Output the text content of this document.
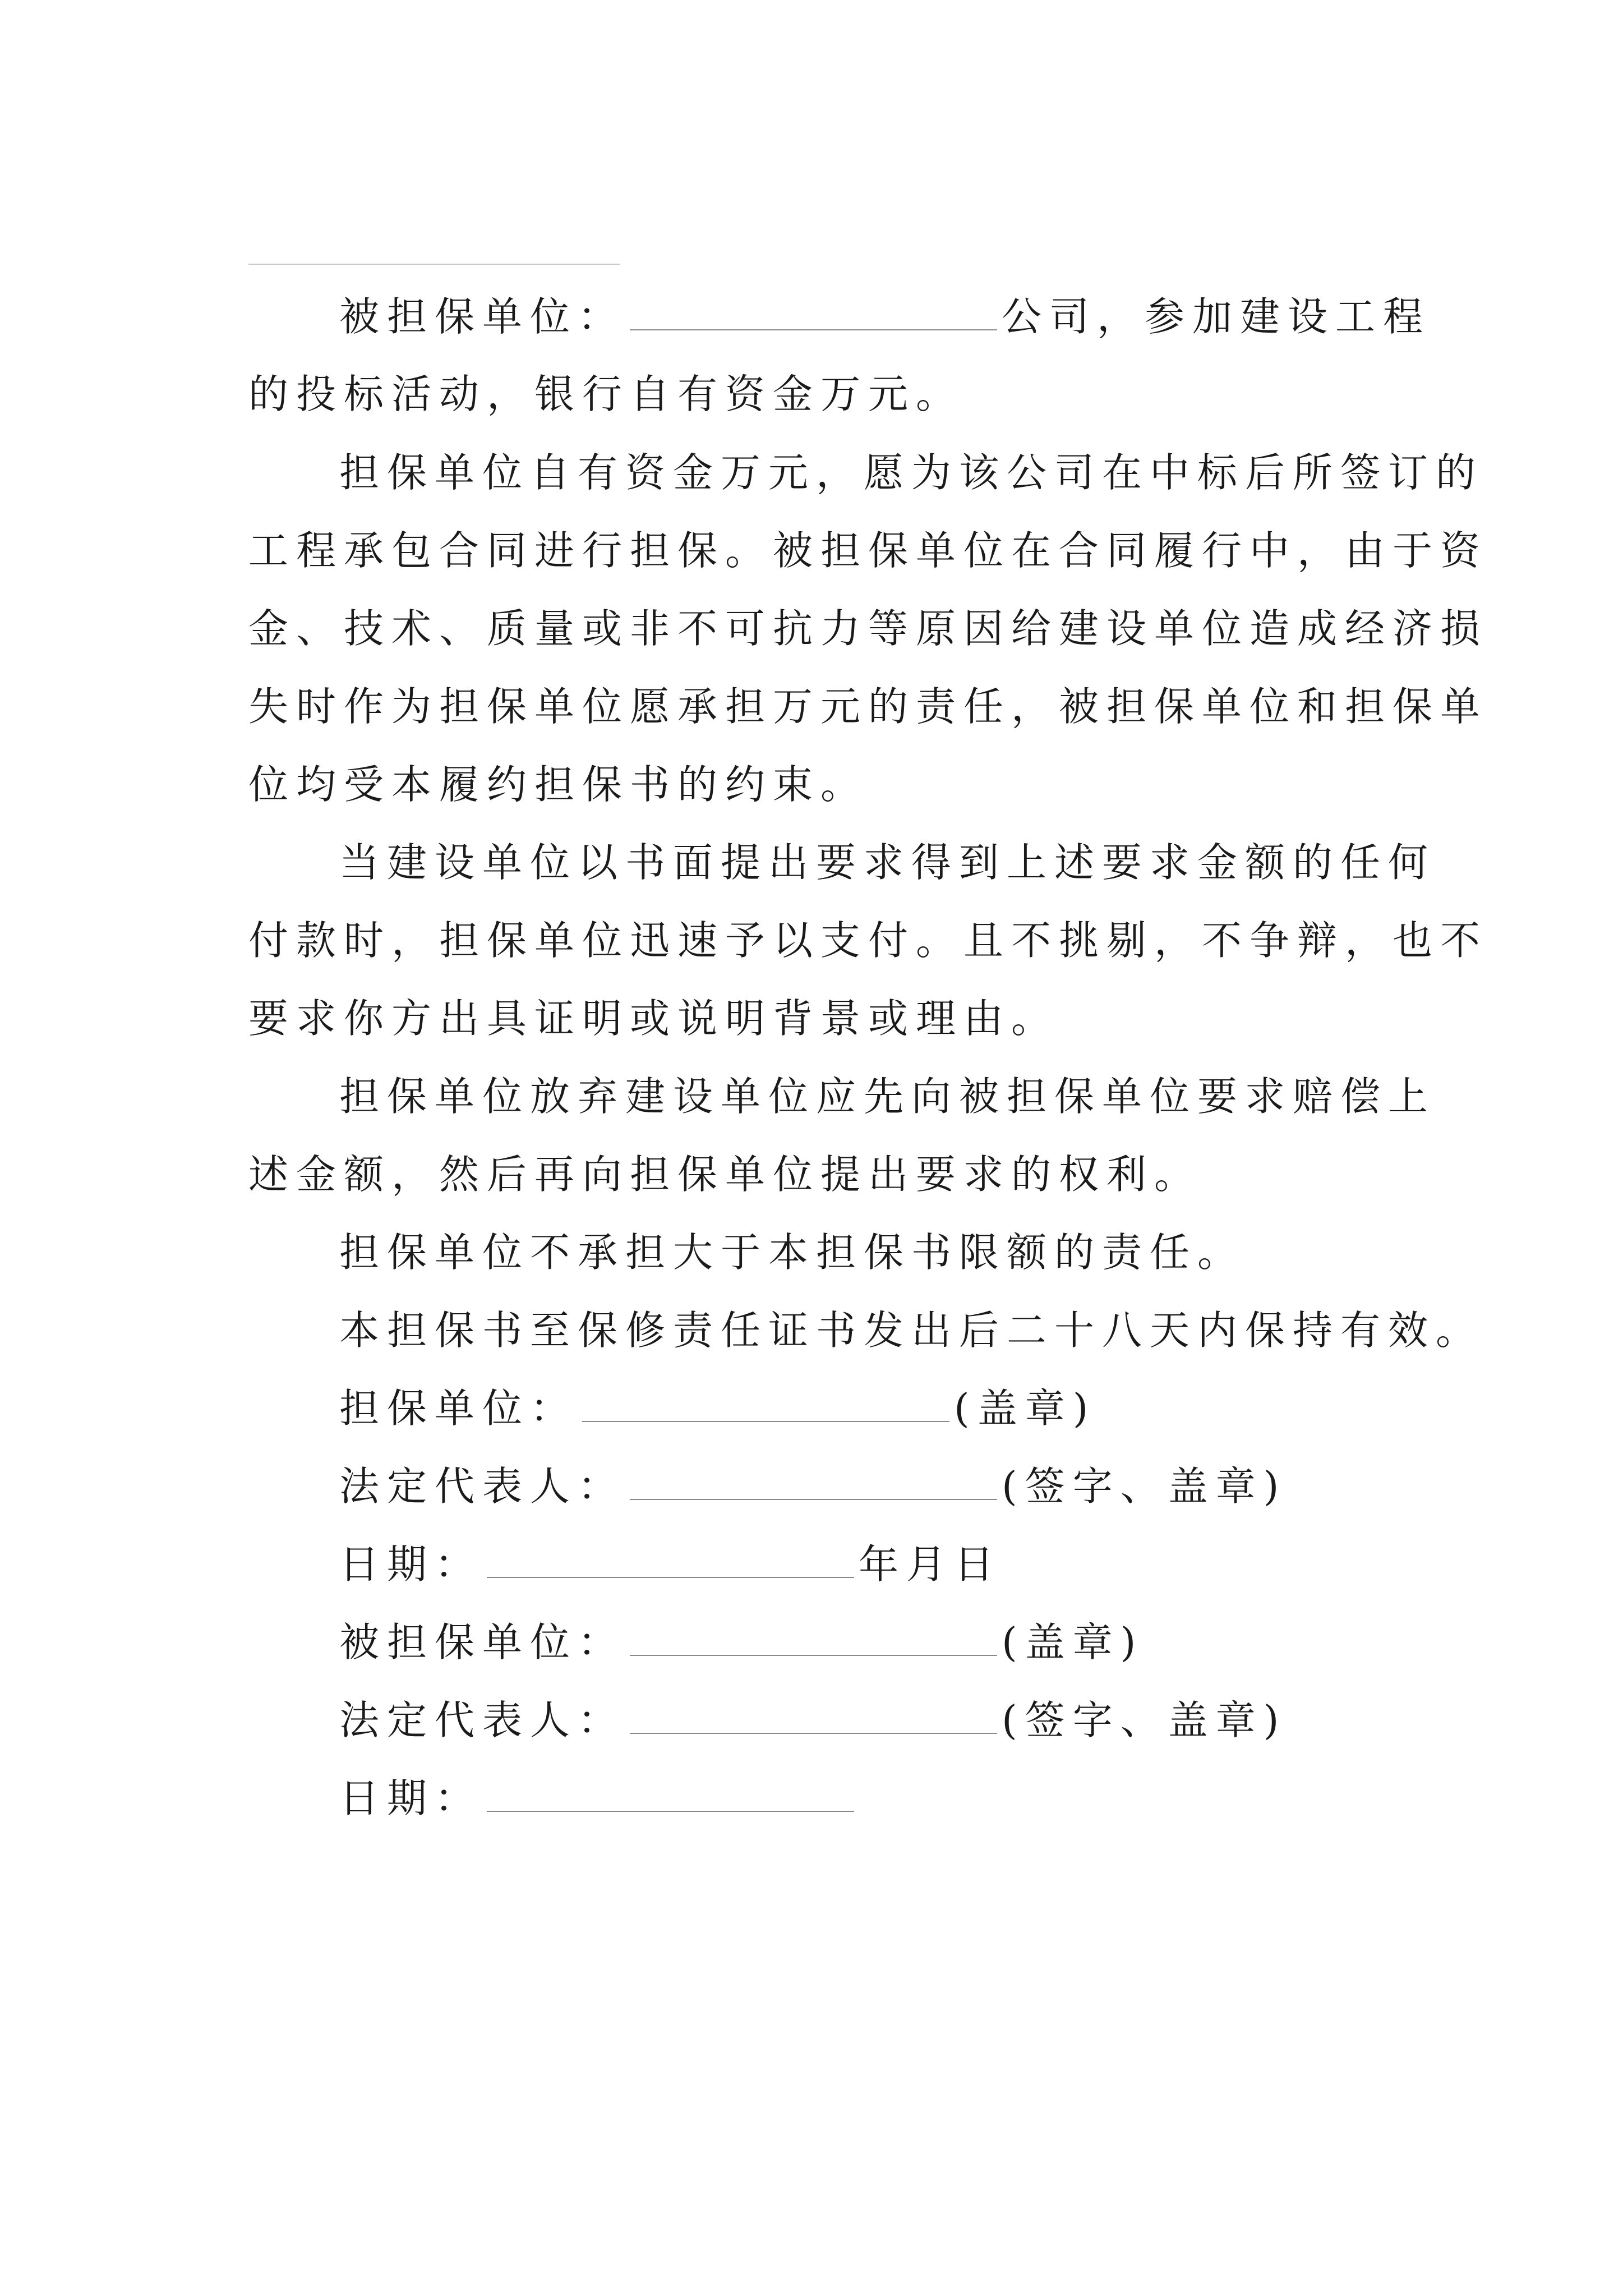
被担保单位：	公司，参加建设工程
的投标活动，银行自有资金万元。
担保单位自有资金万元，愿为该公司在中标后所签订的
工程承包合同进行担保。被担保单位在合同履行中，由于资
金、技术、质量或非不可抗力等原因给建设单位造成经济损
失时作为担保单位愿承担万元的责任，被担保单位和担保单
位均受本履约担保书的约束。
当建设单位以书面提出要求得到上述要求金额的任何
付款时，担保单位迅速予以支付。且不挑剔，不争辩，也不
要求你方出具证明或说明背景或理由。
担保单位放弃建设单位应先向被担保单位要求赔偿上
述金额，然后再向担保单位提出要求的权利。
担保单位不承担大于本担保书限额的责任。
本担保书至保修责任证书发出后二十八天内保持有效。
担保单位：	(盖章)
法定代表人：	(签字、盖章)
日期：	年月日
被担保单位：	(盖章)
法定代表人：	(签字、盖章)
日期：
